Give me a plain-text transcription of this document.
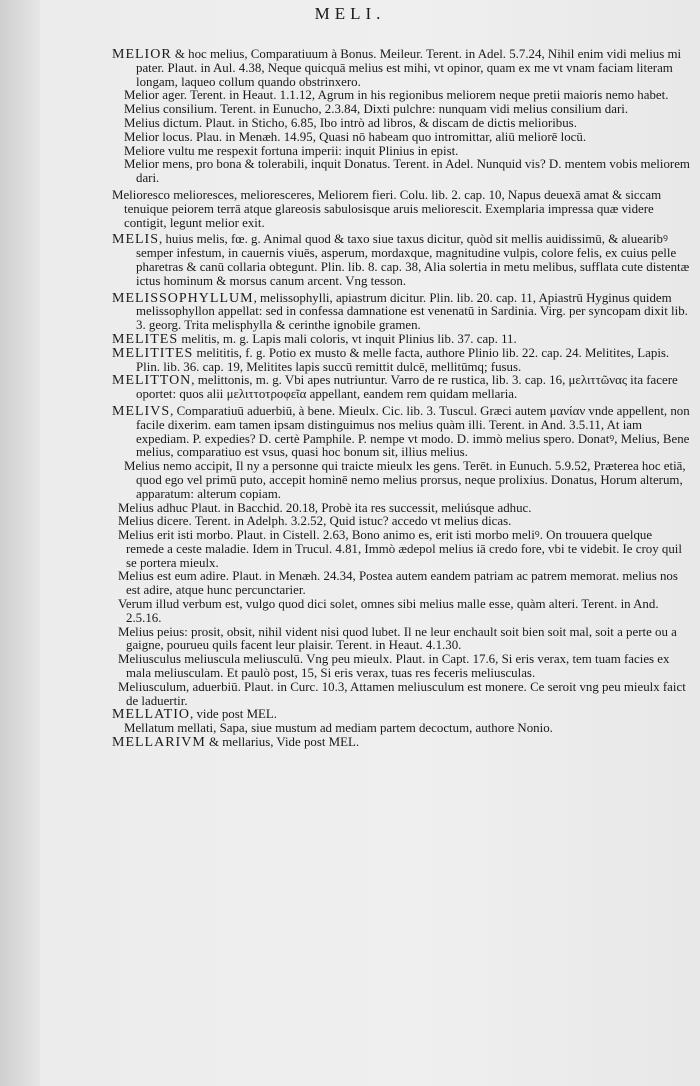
MELI.

MELIOR & hoc melius, Comparatiuum à Bonus. Meileur. Terent. in Adel. 5.7.24, Nihil enim vidi melius mi pater. Plaut. in Aul. 4.38, Neque quicquā melius est mihi, vt opinor, quam ex me vt vnam faciam literam longam, laqueo collum quando obstrinxero.

Melior ager. Terent. in Heaut. 1.1.12, Agrum in his regionibus meliorem neque pretii maioris nemo habet.

Melius consilium. Terent. in Eunucho, 2.3.84, Dixti pulchre: nunquam vidi melius consilium dari.

Melius dictum. Plaut. in Sticho, 6.85, Ibo intrò ad libros, & discam de dictis melioribus.

Melior locus. Plau. in Menæh. 14.95, Quasi nō habeam quo intromittar, aliū meliorē locū.

Meliore vultu me respexit fortuna imperii: inquit Plinius in epist.

Melior mens, pro bona & tolerabili, inquit Donatus. Terent. in Adel. Nunquid vis? D. mentem vobis meliorem dari.

Melioresco melioresces, melioresceres, Meliorem fieri. Colu. lib. 2. cap. 10, Napus deuexā amat & siccam tenuique peiorem terrā atque glareosis sabulosisque aruis meliorescit. Exemplaria impressa quæ videre contigit, legunt melior exit.

MELIS, huius melis, fœ. g. Animal quod & taxo siue taxus dicitur, quòd sit mellis auidissimū, & aluearibꝰ semper infestum, in cauernis viuēs, asperum, mordaxque, magnitudine vulpis, colore felis, ex cuius pelle pharetras & canū collaria obtegunt. Plin. lib. 8. cap. 38, Alia solertia in metu melibus, sufflata cute distentæ ictus hominum & morsus canum arcent. Vng tesson.

MELISSOPHYLLUM, melissophylli, apiastrum dicitur. Plin. lib. 20. cap. 11, Apiastrū Hyginus quidem melissophyllon appellat: sed in confessa damnatione est venenatū in Sardinia. Virg. per syncopam dixit lib. 3. georg. Trita melisphylla & cerinthe ignobile gramen.

MELITES melitis, m. g. Lapis mali coloris, vt inquit Plinius lib. 37. cap. 11.

MELITITES melititis, f. g. Potio ex musto & melle facta, authore Plinio lib. 22. cap. 24. Melitites, Lapis. Plin. lib. 36. cap. 19, Melitites lapis succū remittit dulcē, mellitūmq; fusus.

MELITTON, melittonis, m. g. Vbi apes nutriuntur. Varro de re rustica, lib. 3. cap. 16, μελιττῶνας ita facere oportet: quos alii μελιττοτροφεῖα appellant, eandem rem quidam mellaria.

MELIVS, Comparatiuū aduerbiū, à bene. Mieulx. Cic. lib. 3. Tuscul. Græci autem μανίαν vnde appellent, non facile dixerim. eam tamen ipsam distinguimus nos melius quàm illi. Terent. in And. 3.5.11, At iam expediam. P. expedies? D. certè Pamphile. P. nempe vt modo. D. immò melius spero. Donatꝰ, Melius, Bene melius, comparatiuo est vsus, quasi hoc bonum sit, illius melius.

Melius nemo accipit, Il ny a personne qui traicte mieulx les gens. Terēt. in Eunuch. 5.9.52, Præterea hoc etiā, quod ego vel primū puto, accepit hominē nemo melius prorsus, neque prolixius. Donatus, Horum alterum, apparatum: alterum copiam.

Melius adhuc Plaut. in Bacchid. 20.18, Probè ita res successit, meliúsque adhuc.

Melius dicere. Terent. in Adelph. 3.2.52, Quid istuc? accedo vt melius dicas.

Melius erit isti morbo. Plaut. in Cistell. 2.63, Bono animo es, erit isti morbo meliꝰ. On trouuera quelque remede a ceste maladie. Idem in Trucul. 4.81, Immò ædepol melius iā credo fore, vbi te videbit. Ie croy quil se portera mieulx.

Melius est eum adire. Plaut. in Menæh. 24.34, Postea autem eandem patriam ac patrem memorat. melius nos est adire, atque hunc percunctarier.

Verum illud verbum est, vulgo quod dici solet, omnes sibi melius malle esse, quàm alteri. Terent. in And. 2.5.16.

Melius peius: prosit, obsit, nihil vident nisi quod lubet. Il ne leur enchault soit bien soit mal, soit a perte ou a gaigne, pourueu quils facent leur plaisir. Terent. in Heaut. 4.1.30.

Meliusculus meliuscula meliusculū. Vng peu mieulx. Plaut. in Capt. 17.6, Si eris verax, tem tuam facies ex mala meliusculam. Et paulò post, 15, Si eris verax, tuas res feceris meliusculas.

Meliusculum, aduerbiū. Plaut. in Curc. 10.3, Attamen meliusculum est monere. Ce seroit vng peu mieulx faict de laduertir.

MELLATIO, vide post MEL.

Mellatum mellati, Sapa, siue mustum ad mediam partem decoctum, authore Nonio.

MELLARIVM & mellarius, Vide post MEL.
